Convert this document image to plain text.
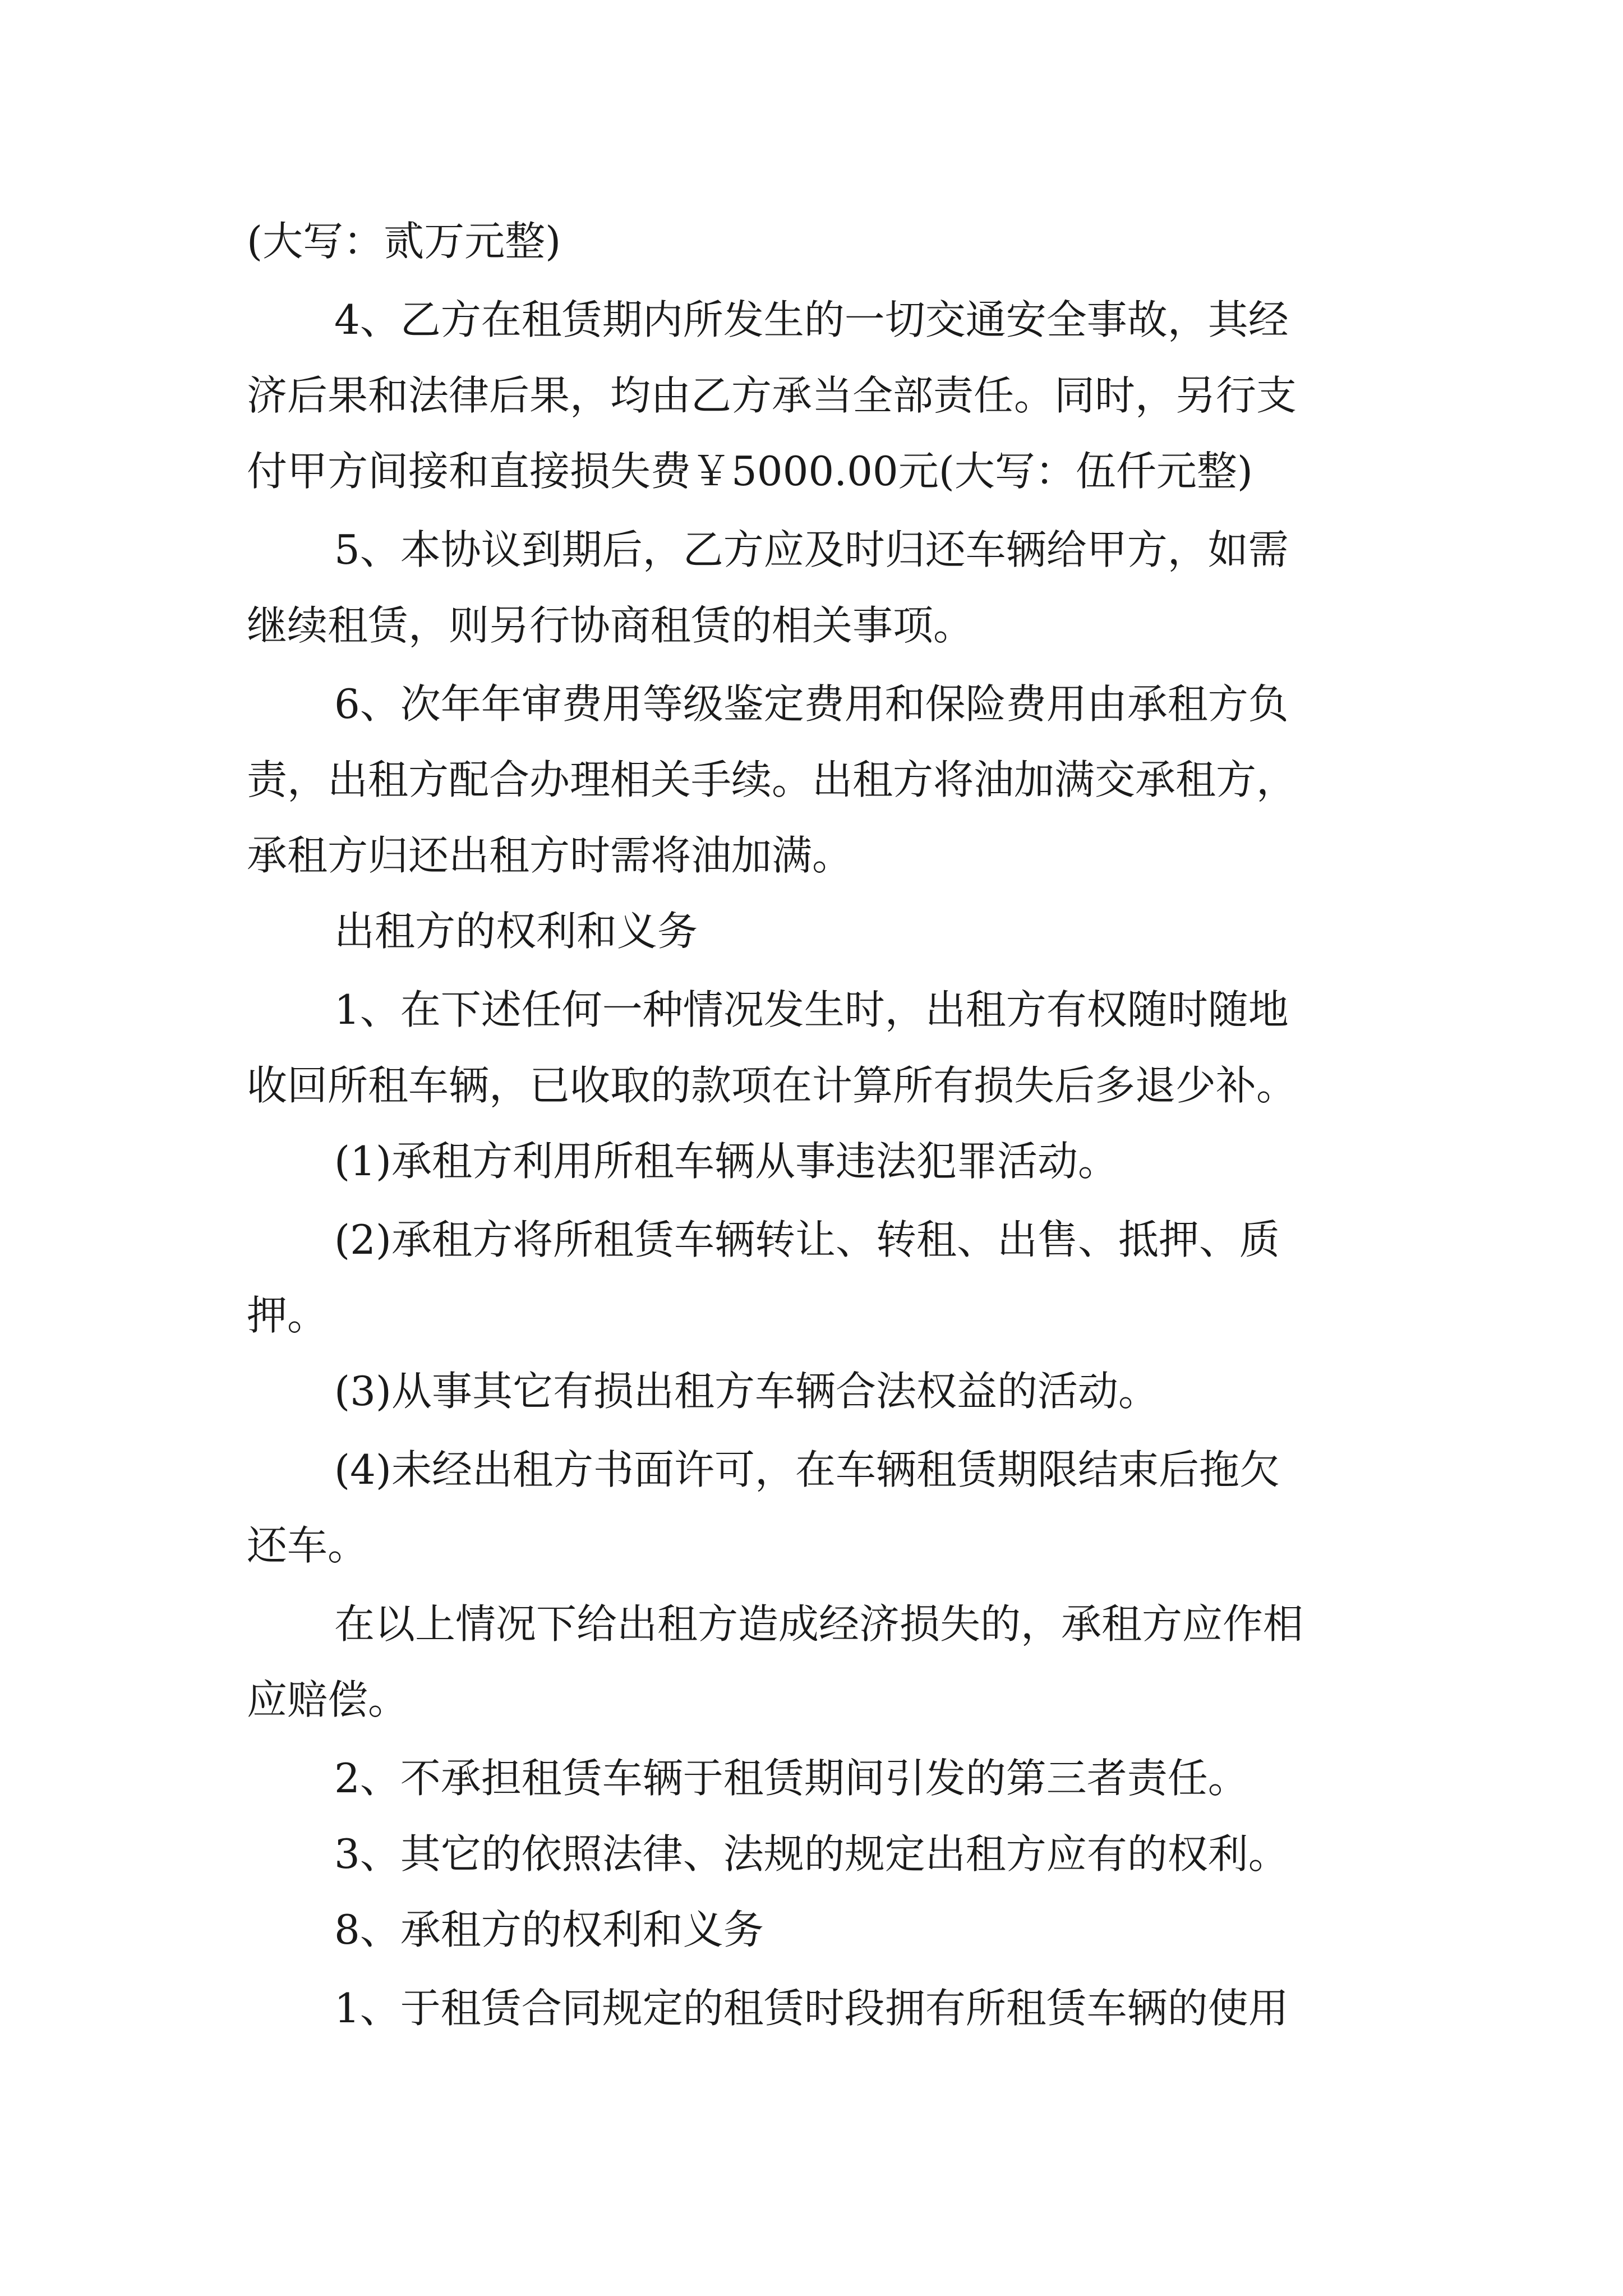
(大写：贰万元整)
4、乙方在租赁期内所发生的一切交通安全事故，其经
济后果和法律后果，均由乙方承当全部责任。同时，另行支
付甲方间接和直接损失费￥5000.00元(大写：伍仟元整)
5、本协议到期后，乙方应及时归还车辆给甲方，如需
继续租赁，则另行协商租赁的相关事项。
6、次年年审费用等级鉴定费用和保险费用由承租方负
责，出租方配合办理相关手续。出租方将油加满交承租方，
承租方归还出租方时需将油加满。
出租方的权利和义务
1、在下述任何一种情况发生时，出租方有权随时随地
收回所租车辆，已收取的款项在计算所有损失后多退少补。
(1)承租方利用所租车辆从事违法犯罪活动。
(2)承租方将所租赁车辆转让、转租、出售、抵押、质
押。
(3)从事其它有损出租方车辆合法权益的活动。
(4)未经出租方书面许可，在车辆租赁期限结束后拖欠
还车。
在以上情况下给出租方造成经济损失的，承租方应作相
应赔偿。
2、不承担租赁车辆于租赁期间引发的第三者责任。
3、其它的依照法律、法规的规定出租方应有的权利。
8、承租方的权利和义务
1、于租赁合同规定的租赁时段拥有所租赁车辆的使用
